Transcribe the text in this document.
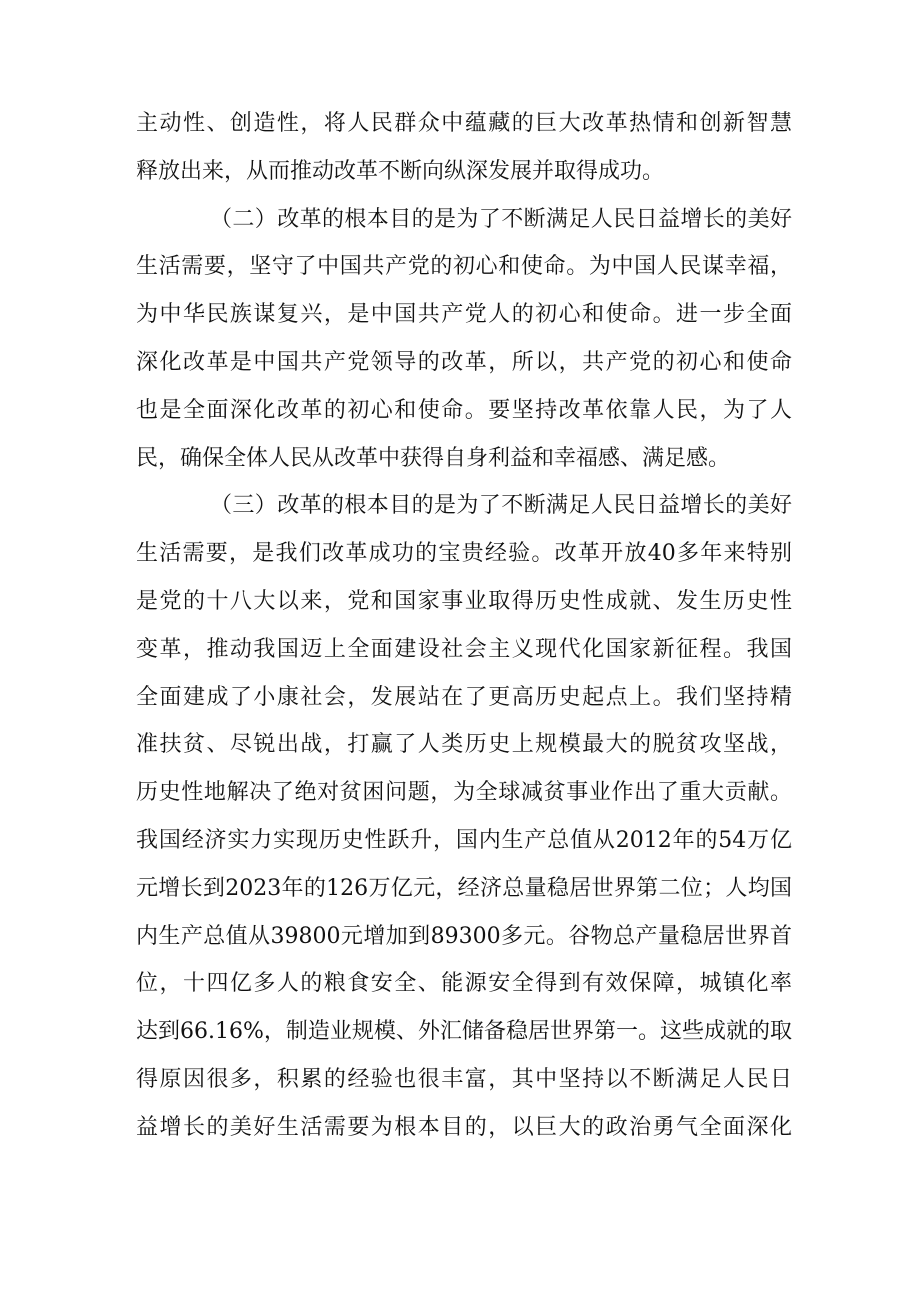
主动性、创造性，将人民群众中蕴藏的巨大改革热情和创新智慧
释放出来，从而推动改革不断向纵深发展并取得成功。
（二）改革的根本目的是为了不断满足人民日益增长的美好
生活需要，坚守了中国共产党的初心和使命。为中国人民谋幸福，
为中华民族谋复兴，是中国共产党人的初心和使命。进一步全面
深化改革是中国共产党领导的改革，所以，共产党的初心和使命
也是全面深化改革的初心和使命。要坚持改革依靠人民，为了人
民，确保全体人民从改革中获得自身利益和幸福感、满足感。
（三）改革的根本目的是为了不断满足人民日益增长的美好
生活需要，是我们改革成功的宝贵经验。改革开放40多年来特别
是党的十八大以来，党和国家事业取得历史性成就、发生历史性
变革，推动我国迈上全面建设社会主义现代化国家新征程。我国
全面建成了小康社会，发展站在了更高历史起点上。我们坚持精
准扶贫、尽锐出战，打赢了人类历史上规模最大的脱贫攻坚战，
历史性地解决了绝对贫困问题，为全球减贫事业作出了重大贡献。
我国经济实力实现历史性跃升，国内生产总值从2012年的54万亿
元增长到2023年的126万亿元，经济总量稳居世界第二位；人均国
内生产总值从39800元增加到89300多元。谷物总产量稳居世界首
位，十四亿多人的粮食安全、能源安全得到有效保障，城镇化率
达到66.16%，制造业规模、外汇储备稳居世界第一。这些成就的取
得原因很多，积累的经验也很丰富，其中坚持以不断满足人民日
益增长的美好生活需要为根本目的，以巨大的政治勇气全面深化
